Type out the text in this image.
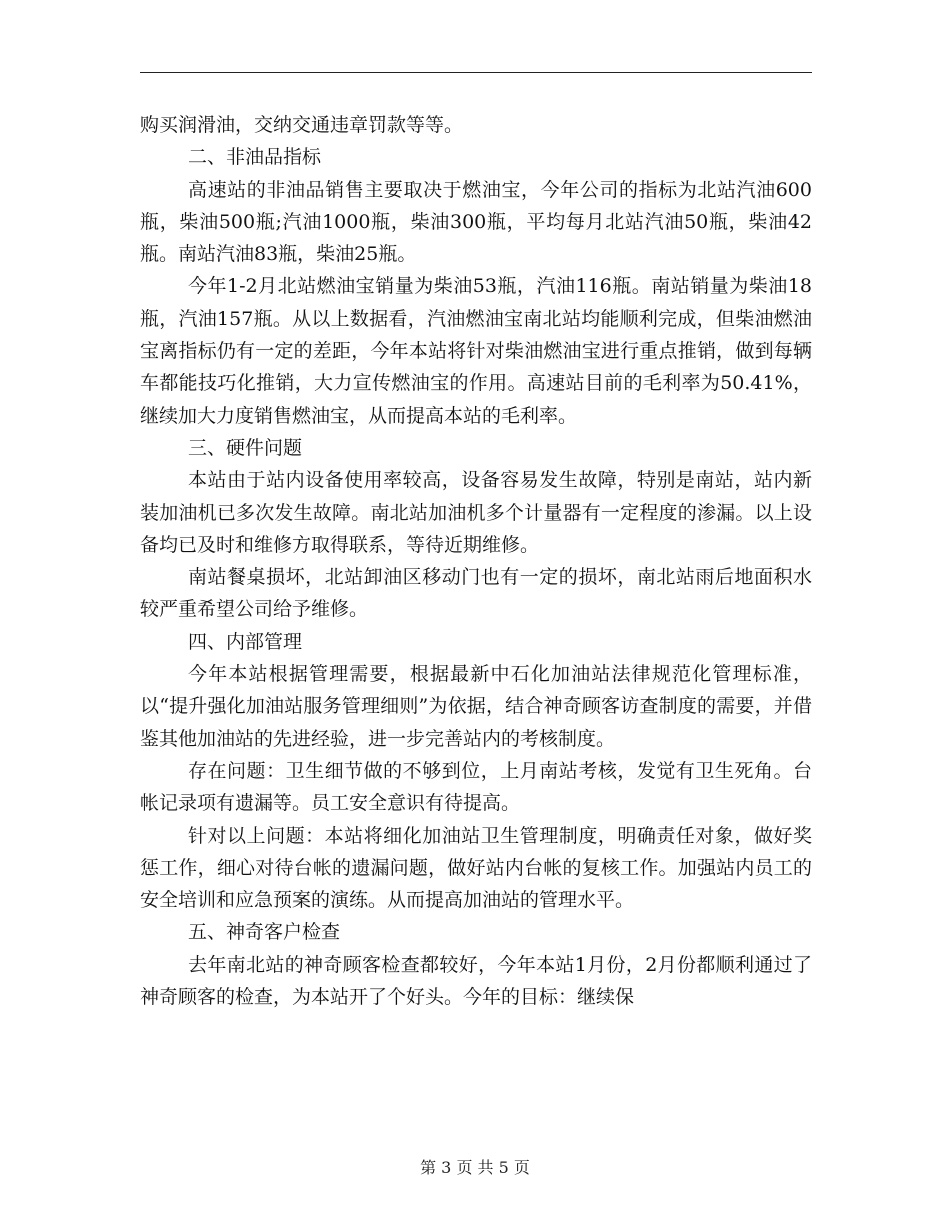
购买润滑油，交纳交通违章罚款等等。

二、非油品指标

高速站的非油品销售主要取决于燃油宝，今年公司的指标为北站汽油600瓶，柴油500瓶;汽油1000瓶，柴油300瓶，平均每月北站汽油50瓶，柴油42瓶。南站汽油83瓶，柴油25瓶。

今年1-2月北站燃油宝销量为柴油53瓶，汽油116瓶。南站销量为柴油18瓶，汽油157瓶。从以上数据看，汽油燃油宝南北站均能顺利完成，但柴油燃油宝离指标仍有一定的差距，今年本站将针对柴油燃油宝进行重点推销，做到每辆车都能技巧化推销，大力宣传燃油宝的作用。高速站目前的毛利率为50.41%，继续加大力度销售燃油宝，从而提高本站的毛利率。

三、硬件问题

本站由于站内设备使用率较高，设备容易发生故障，特别是南站，站内新装加油机已多次发生故障。南北站加油机多个计量器有一定程度的渗漏。以上设备均已及时和维修方取得联系，等待近期维修。

南站餐桌损坏，北站卸油区移动门也有一定的损坏，南北站雨后地面积水较严重希望公司给予维修。

四、内部管理

今年本站根据管理需要，根据最新中石化加油站法律规范化管理标准，以“提升强化加油站服务管理细则”为依据，结合神奇顾客访查制度的需要，并借鉴其他加油站的先进经验，进一步完善站内的考核制度。

存在问题：卫生细节做的不够到位，上月南站考核，发觉有卫生死角。台帐记录项有遗漏等。员工安全意识有待提高。

针对以上问题：本站将细化加油站卫生管理制度，明确责任对象，做好奖惩工作，细心对待台帐的遗漏问题，做好站内台帐的复核工作。加强站内员工的安全培训和应急预案的演练。从而提高加油站的管理水平。

五、神奇客户检查

去年南北站的神奇顾客检查都较好，今年本站1月份，2月份都顺利通过了神奇顾客的检查，为本站开了个好头。今年的目标：继续保

第 3 页 共 5 页
